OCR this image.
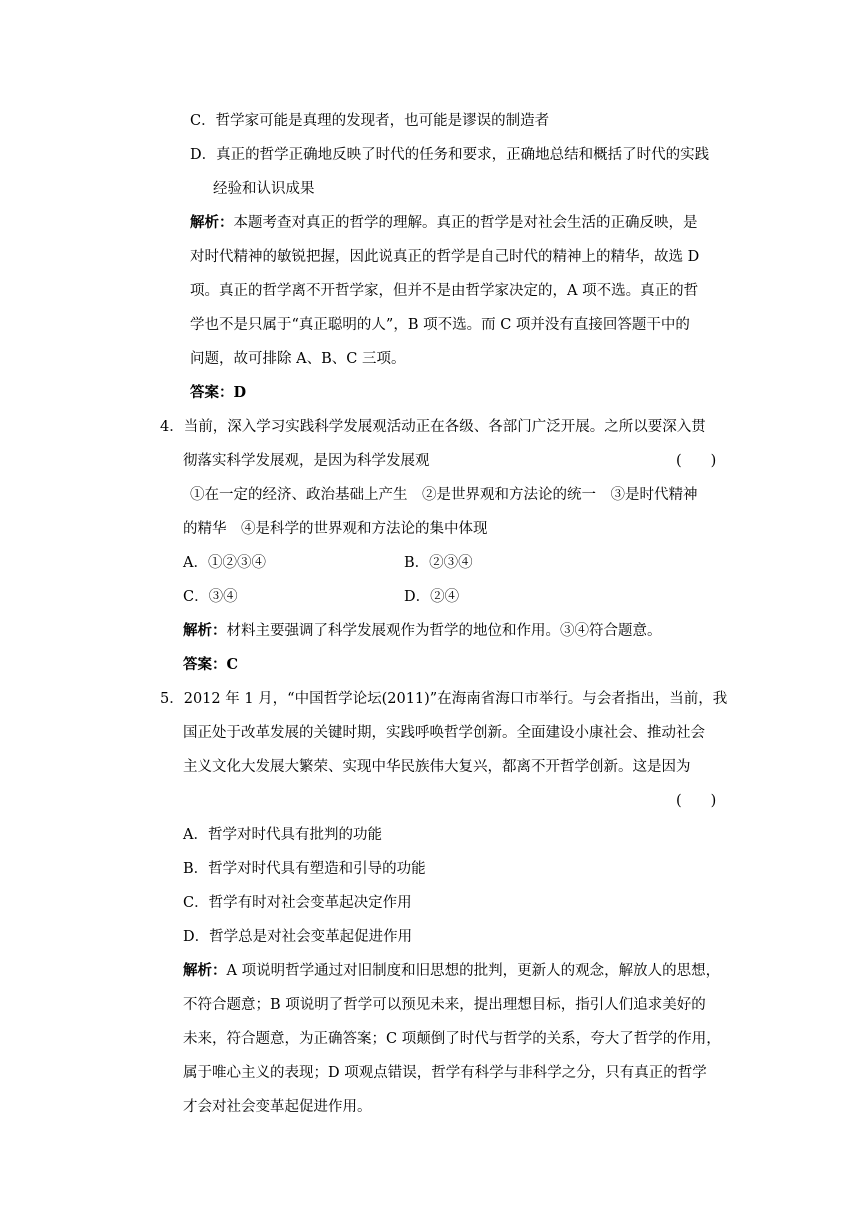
C．哲学家可能是真理的发现者，也可能是谬误的制造者
D．真正的哲学正确地反映了时代的任务和要求，正确地总结和概括了时代的实践
经验和认识成果
解析：本题考查对真正的哲学的理解。真正的哲学是对社会生活的正确反映，是
对时代精神的敏锐把握，因此说真正的哲学是自己时代的精神上的精华，故选 D
项。真正的哲学离不开哲学家，但并不是由哲学家决定的，A 项不选。真正的哲
学也不是只属于“真正聪明的人”，B 项不选。而 C 项并没有直接回答题干中的
问题，故可排除 A、B、C 三项。
答案：D
4．当前，深入学习实践科学发展观活动正在各级、各部门广泛开展。之所以要深入贯
彻落实科学发展观，是因为科学发展观	(　　)
①在一定的经济、政治基础上产生　②是世界观和方法论的统一　③是时代精神
的精华　④是科学的世界观和方法论的集中体现
A．①②③④	B．②③④
C．③④	D．②④
解析：材料主要强调了科学发展观作为哲学的地位和作用。③④符合题意。
答案：C
5．2012 年 1 月，“中国哲学论坛(2011)”在海南省海口市举行。与会者指出，当前，我
国正处于改革发展的关键时期，实践呼唤哲学创新。全面建设小康社会、推动社会
主义文化大发展大繁荣、实现中华民族伟大复兴，都离不开哲学创新。这是因为
(　　)
A．哲学对时代具有批判的功能
B．哲学对时代具有塑造和引导的功能
C．哲学有时对社会变革起决定作用
D．哲学总是对社会变革起促进作用
解析：A 项说明哲学通过对旧制度和旧思想的批判，更新人的观念，解放人的思想，
不符合题意；B 项说明了哲学可以预见未来，提出理想目标，指引人们追求美好的
未来，符合题意，为正确答案；C 项颠倒了时代与哲学的关系，夸大了哲学的作用，
属于唯心主义的表现；D 项观点错误，哲学有科学与非科学之分，只有真正的哲学
才会对社会变革起促进作用。
